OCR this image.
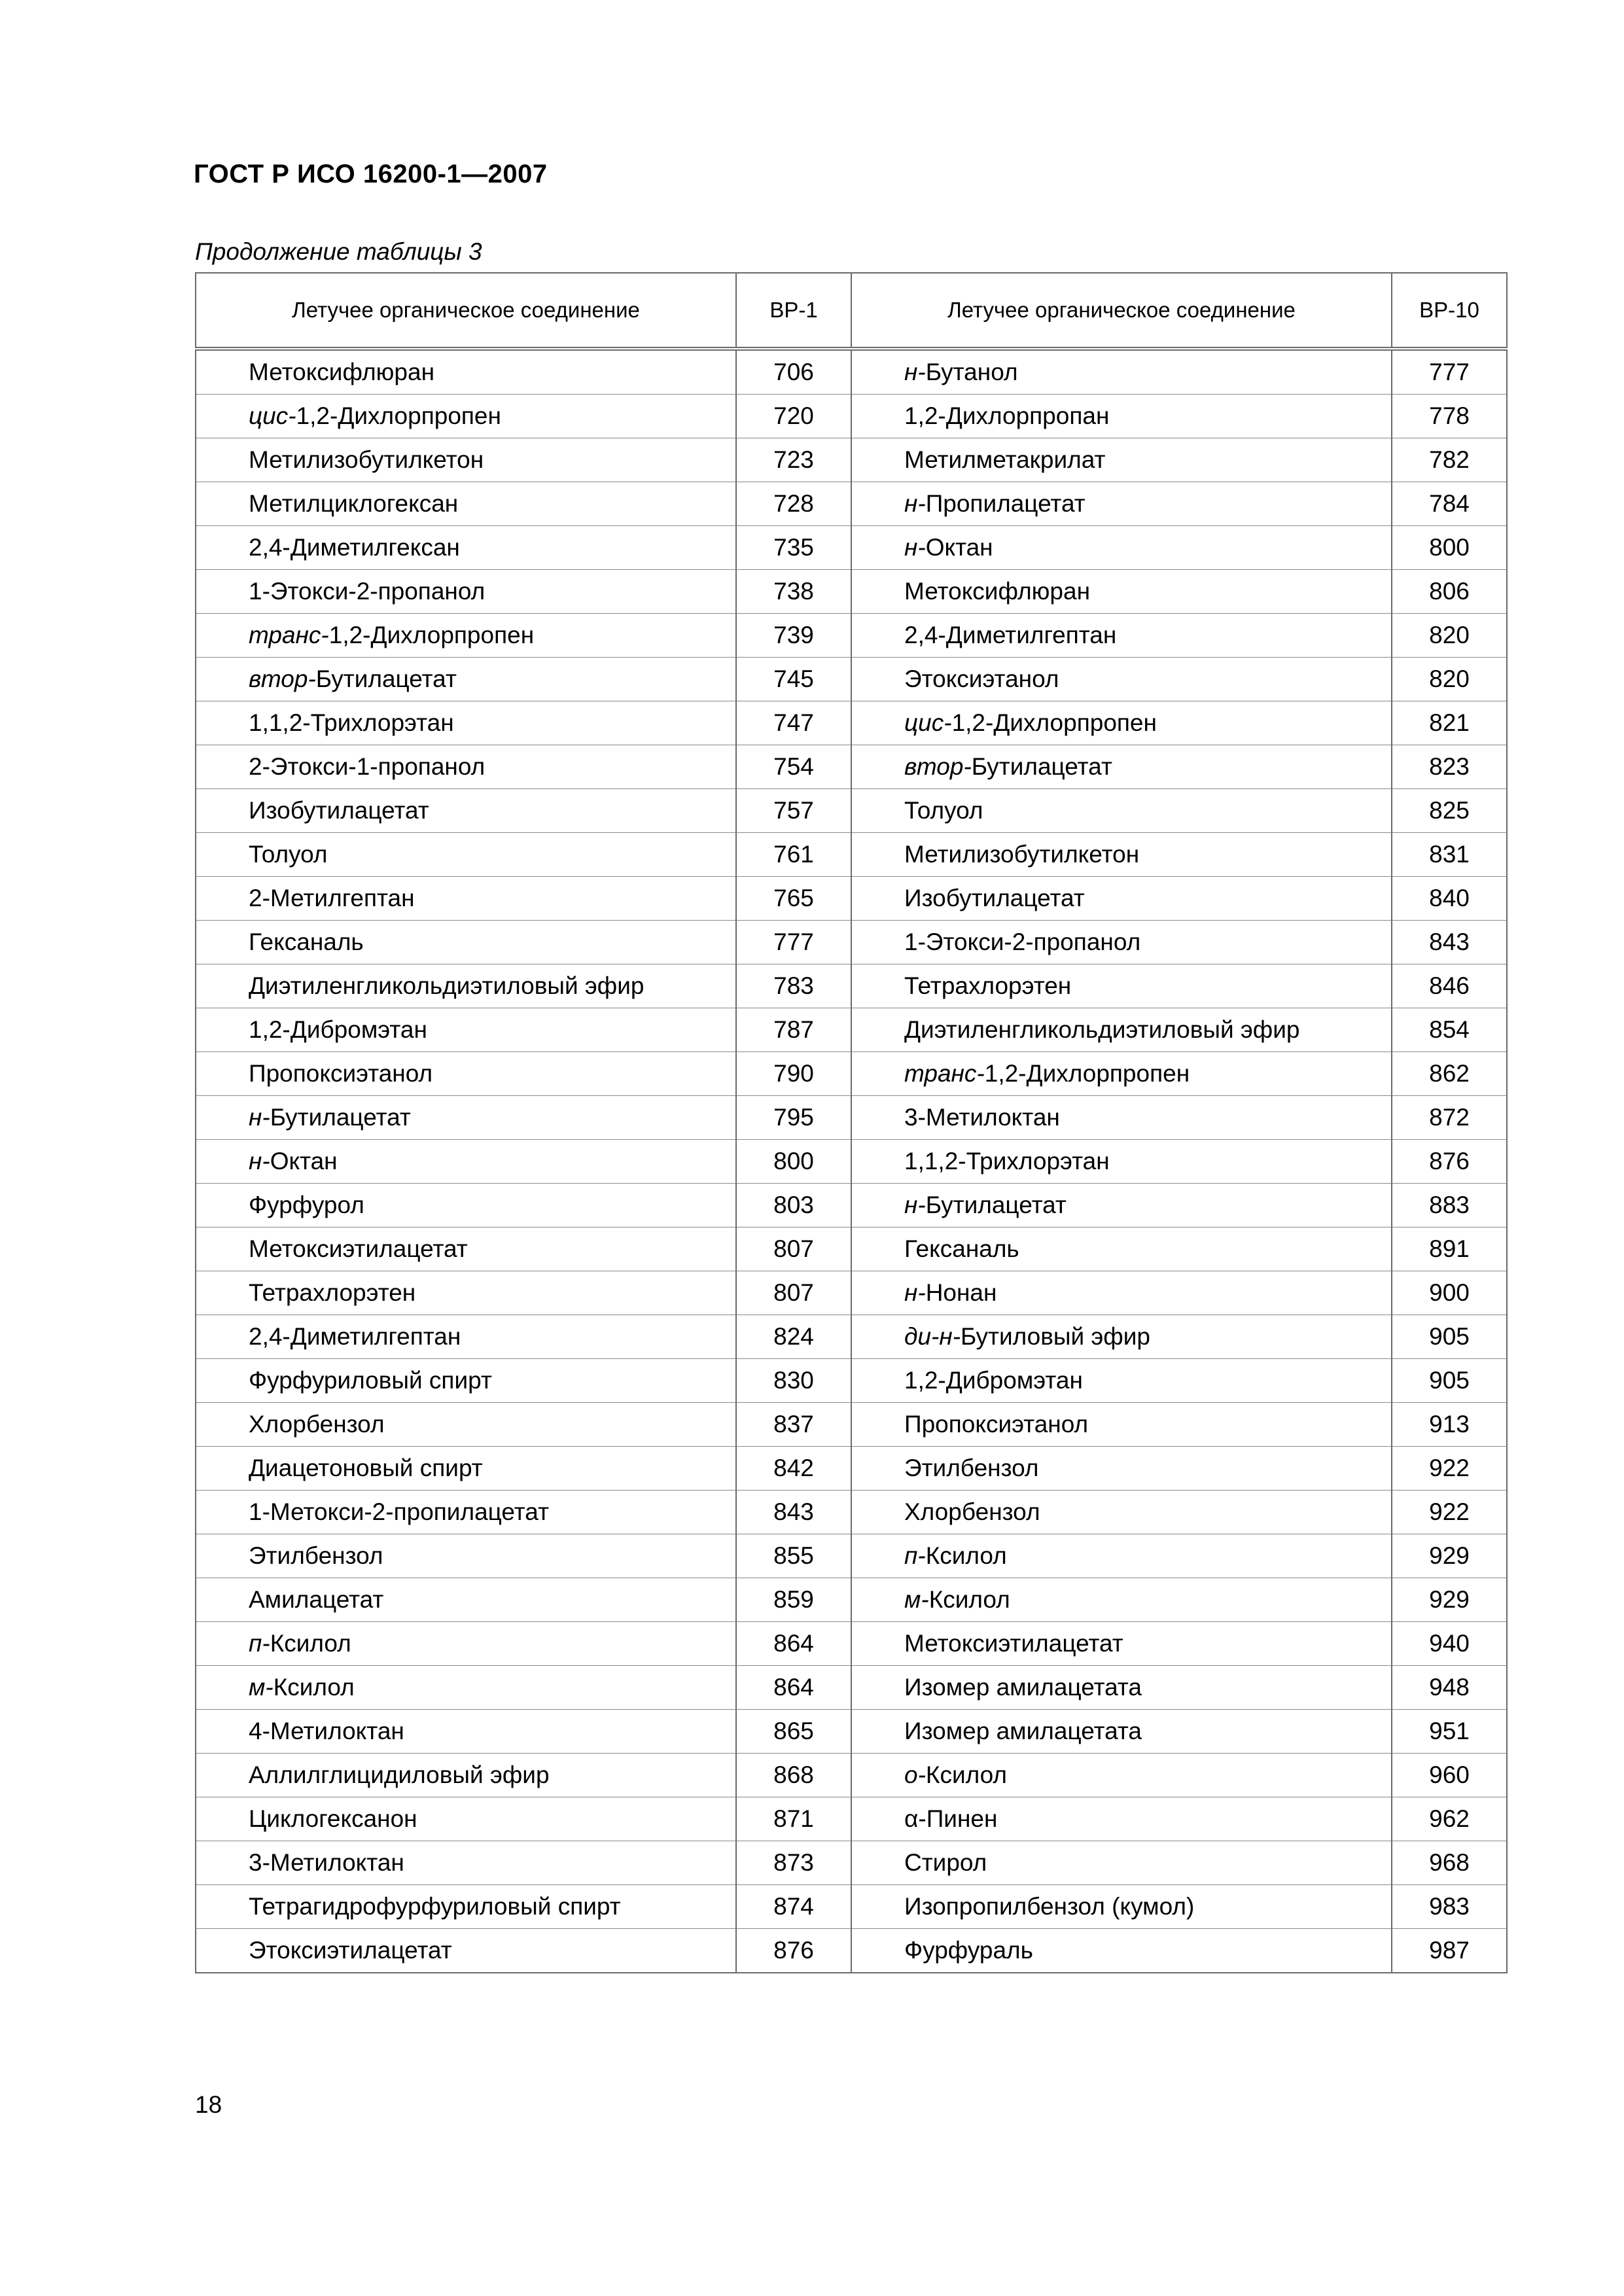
ГОСТ Р ИСО 16200-1—2007
Продолжение таблицы 3
Летучее органическое соединение	ВР-1	Летучее органическое соединение	ВР-10
Метоксифлюран	706	н-Бутанол	777
цис-1,2-Дихлорпропен	720	1,2-Дихлорпропан	778
Метилизобутилкетон	723	Метилметакрилат	782
Метилциклогексан	728	н-Пропилацетат	784
2,4-Диметилгексан	735	н-Октан	800
1-Этокси-2-пропанол	738	Метоксифлюран	806
транс-1,2-Дихлорпропен	739	2,4-Диметилгептан	820
втор-Бутилацетат	745	Этоксиэтанол	820
1,1,2-Трихлорэтан	747	цис-1,2-Дихлорпропен	821
2-Этокси-1-пропанол	754	втор-Бутилацетат	823
Изобутилацетат	757	Толуол	825
Толуол	761	Метилизобутилкетон	831
2-Метилгептан	765	Изобутилацетат	840
Гексаналь	777	1-Этокси-2-пропанол	843
Диэтиленгликольдиэтиловый эфир	783	Тетрахлорэтен	846
1,2-Дибромэтан	787	Диэтиленгликольдиэтиловый эфир	854
Пропоксиэтанол	790	транс-1,2-Дихлорпропен	862
н-Бутилацетат	795	3-Метилоктан	872
н-Октан	800	1,1,2-Трихлорэтан	876
Фурфурол	803	н-Бутилацетат	883
Метоксиэтилацетат	807	Гексаналь	891
Тетрахлорэтен	807	н-Нонан	900
2,4-Диметилгептан	824	ди-н-Бутиловый эфир	905
Фурфуриловый спирт	830	1,2-Дибромэтан	905
Хлорбензол	837	Пропоксиэтанол	913
Диацетоновый спирт	842	Этилбензол	922
1-Метокси-2-пропилацетат	843	Хлорбензол	922
Этилбензол	855	п-Ксилол	929
Амилацетат	859	м-Ксилол	929
п-Ксилол	864	Метоксиэтилацетат	940
м-Ксилол	864	Изомер амилацетата	948
4-Метилоктан	865	Изомер амилацетата	951
Аллилглицидиловый эфир	868	о-Ксилол	960
Циклогексанон	871	α-Пинен	962
3-Метилоктан	873	Стирол	968
Тетрагидрофурфуриловый спирт	874	Изопропилбензол (кумол)	983
Этоксиэтилацетат	876	Фурфураль	987
18
